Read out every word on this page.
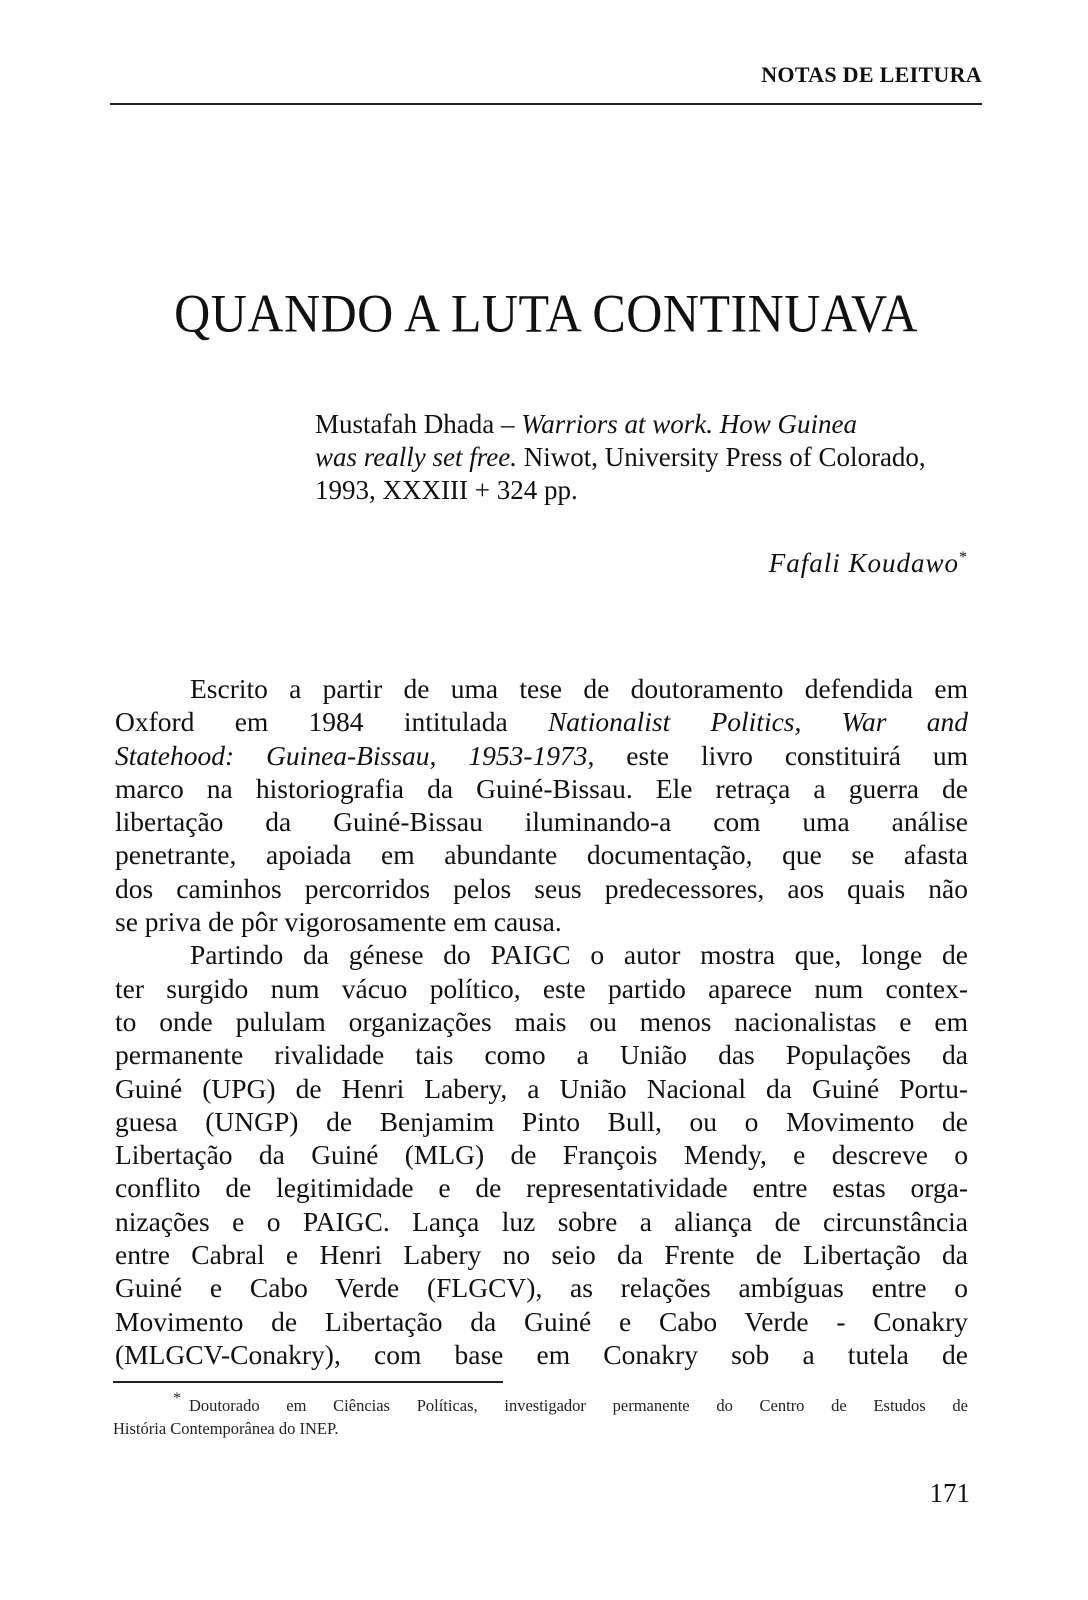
NOTAS DE LEITURA
QUANDO A LUTA CONTINUAVA
Mustafah Dhada – Warriors at work. How Guinea
was really set free. Niwot, University Press of Colorado,
1993, XXXIII + 324 pp.
Fafali Koudawo*
Escrito a partir de uma tese de doutoramento defendida em
Oxford em 1984 intitulada Nationalist Politics, War and
Statehood: Guinea-Bissau, 1953-1973, este livro constituirá um
marco na historiografia da Guiné-Bissau. Ele retraça a guerra de
libertação da Guiné-Bissau iluminando-a com uma análise
penetrante, apoiada em abundante documentação, que se afasta
dos caminhos percorridos pelos seus predecessores, aos quais não
se priva de pôr vigorosamente em causa.
Partindo da génese do PAIGC o autor mostra que, longe de
ter surgido num vácuo político, este partido aparece num contex-
to onde pululam organizações mais ou menos nacionalistas e em
permanente rivalidade tais como a União das Populações da
Guiné (UPG) de Henri Labery, a União Nacional da Guiné Portu-
guesa (UNGP) de Benjamim Pinto Bull, ou o Movimento de
Libertação da Guiné (MLG) de François Mendy, e descreve o
conflito de legitimidade e de representatividade entre estas orga-
nizações e o PAIGC. Lança luz sobre a aliança de circunstância
entre Cabral e Henri Labery no seio da Frente de Libertação da
Guiné e Cabo Verde (FLGCV), as relações ambíguas entre o
Movimento de Libertação da Guiné e Cabo Verde - Conakry
(MLGCV-Conakry), com base em Conakry sob a tutela de
* Doutorado em Ciências Políticas, investigador permanente do Centro de Estudos de
História Contemporânea do INEP.
171
